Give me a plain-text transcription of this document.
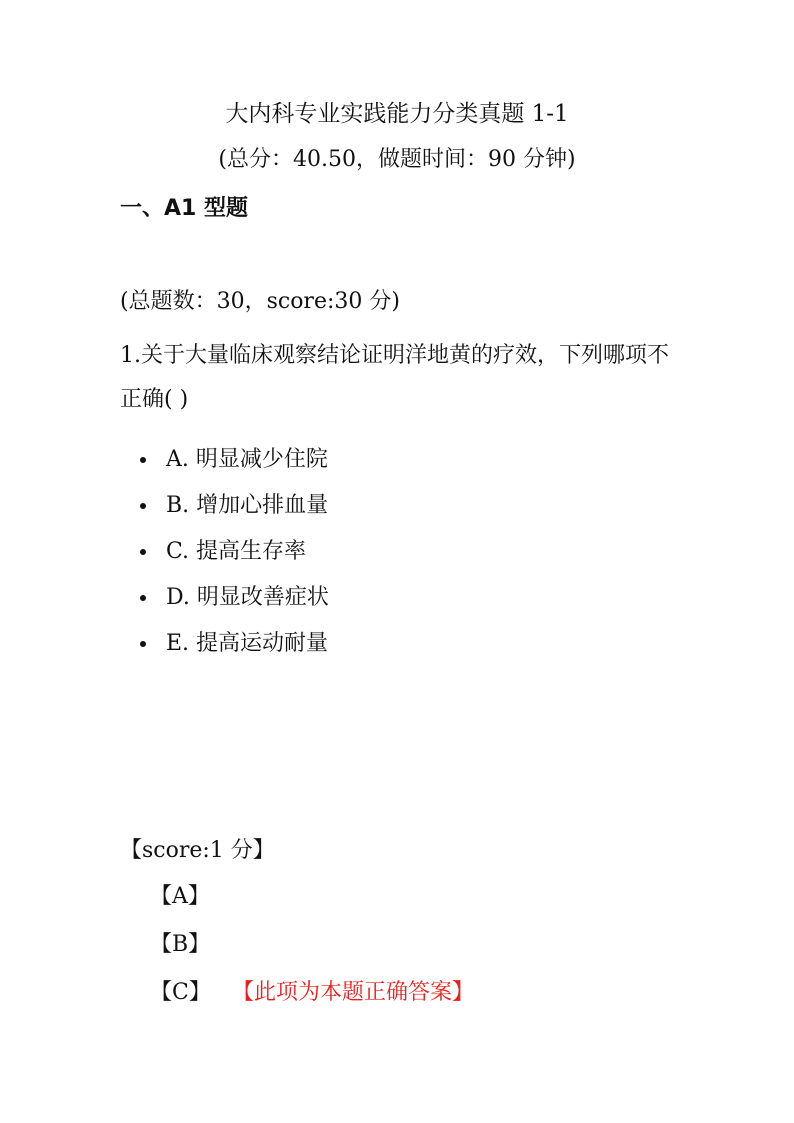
大内科专业实践能力分类真题 1-1
(总分：40.50，做题时间：90 分钟)
一、A1 型题
(总题数：30，score:30 分)
1.关于大量临床观察结论证明洋地黄的疗效，下列哪项不正确( )
A. 明显减少住院
B. 增加心排血量
C. 提高生存率
D. 明显改善症状
E. 提高运动耐量
【score:1 分】
【A】
【B】
【C】 【此项为本题正确答案】
